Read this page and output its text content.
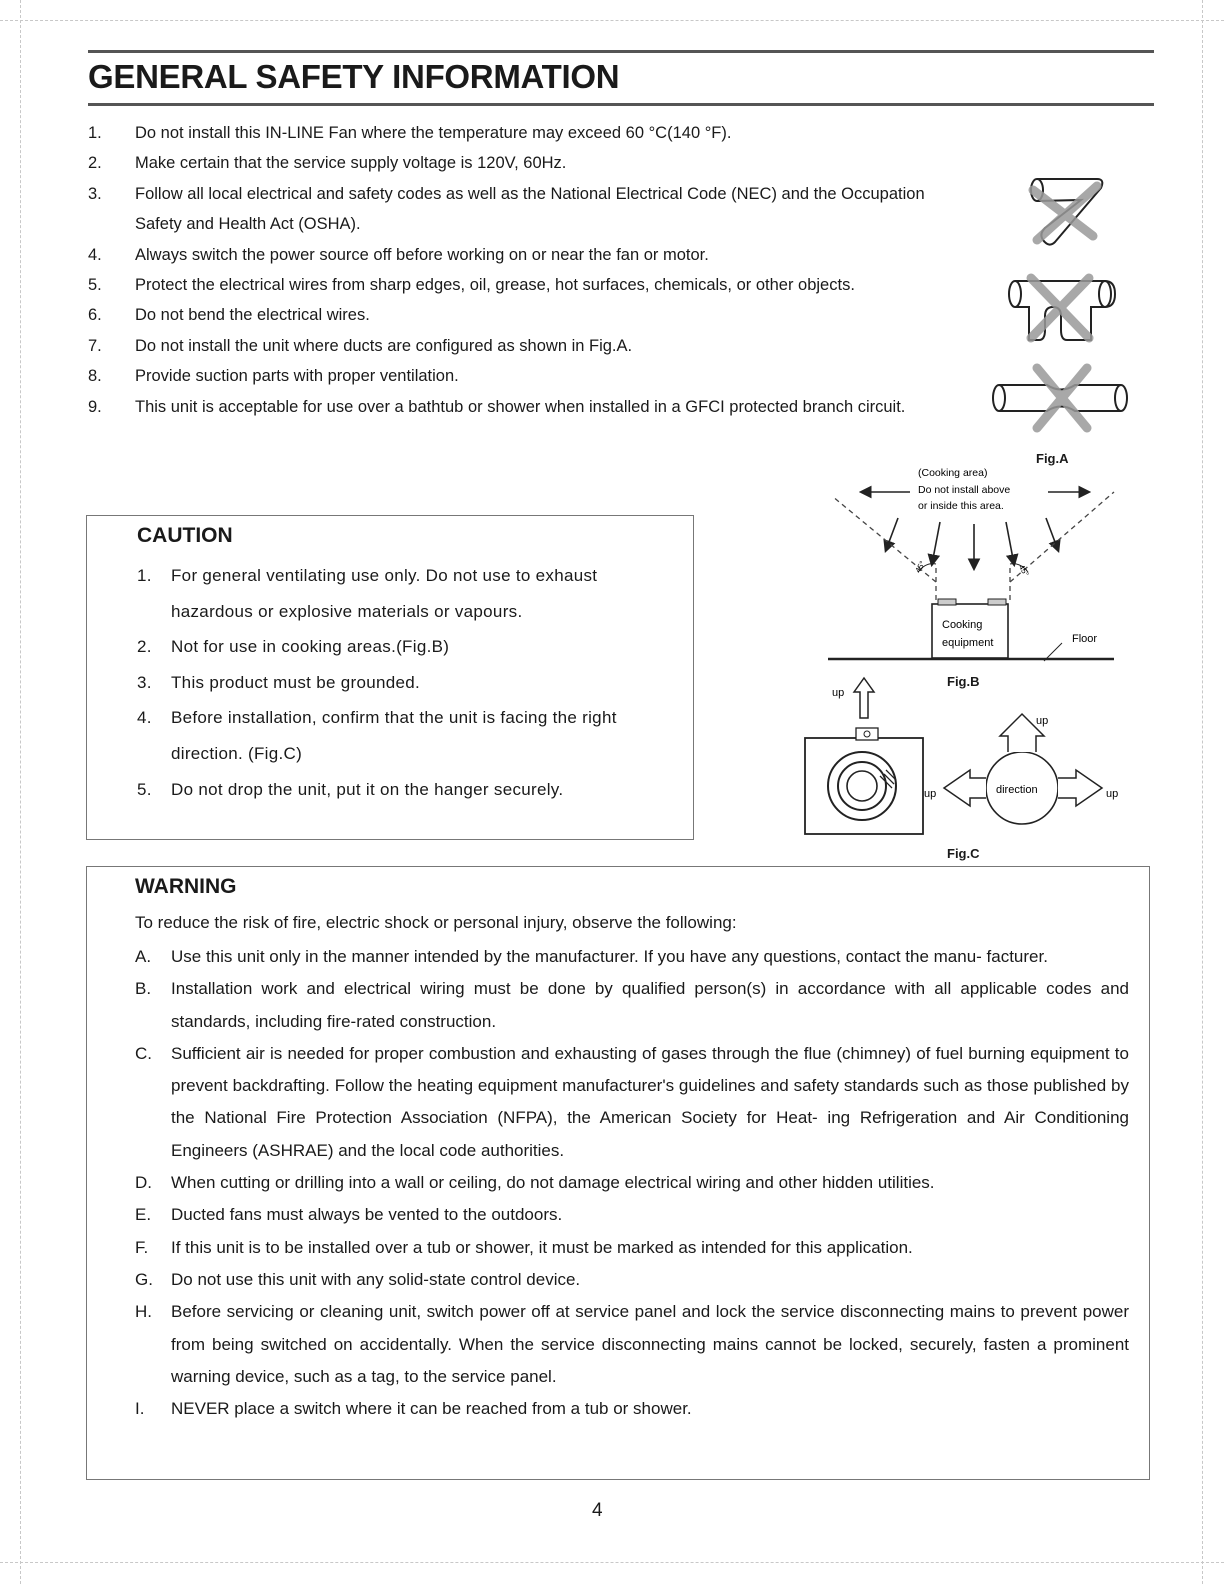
GENERAL SAFETY INFORMATION
1.	Do not install this IN-LINE Fan where the temperature may exceed 60 °C(140 °F).
2.	Make certain that the service supply voltage is 120V, 60Hz.
3.	Follow all local electrical and safety codes as well as the National Electrical Code (NEC) and the Occupation Safety and Health Act (OSHA).
4.	Always switch the power source off before working on or near the fan or motor.
5.	Protect the electrical wires from sharp edges, oil, grease, hot surfaces, chemicals, or other objects.
6.	Do not bend the electrical wires.
7.	Do not install the unit where ducts are configured as shown in Fig.A.
8.	Provide suction parts with proper ventilation.
9.	This unit is acceptable for use over a bathtub or shower when installed in a GFCI protected branch circuit.
Fig.A
CAUTION
1.	For general ventilating use only. Do not use to exhaust hazardous or explosive materials or vapours.
2.	Not for use in cooking areas.(Fig.B)
3.	This product must be grounded.
4.	Before installation, confirm that the unit is facing the right direction. (Fig.C)
5.	Do not drop the unit, put it on the hanger securely.
(Cooking area)
Do not install above
or inside this area.
45°	45°
Cooking
equipment	Floor
Fig.B
up
direction
up
up	up
Fig.C
WARNING

To reduce the risk of fire, electric shock or personal injury, observe the following:

A.	Use this unit only in the manner intended by the manufacturer. If you have any questions, contact the manu- facturer.
B.	Installation work and electrical wiring must be done by qualified person(s) in accordance with all applicable codes and standards, including fire-rated construction.
C.	Sufficient air is needed for proper combustion and exhausting of gases through the flue (chimney) of fuel burning equipment to prevent backdrafting. Follow the heating equipment manufacturer's guidelines and safety standards such as those published by the National Fire Protection Association (NFPA), the American Society for Heat- ing Refrigeration and Air Conditioning Engineers (ASHRAE) and the local code authorities.
D.	When cutting or drilling into a wall or ceiling, do not damage electrical wiring and other hidden utilities.
E.	Ducted fans must always be vented to the outdoors.
F.	If this unit is to be installed over a tub or shower, it must be marked as intended for this application.
G.	Do not use this unit with any solid-state control device.
H.	Before servicing or cleaning unit, switch power off at service panel and lock the service disconnecting mains to prevent power from being switched on accidentally. When the service disconnecting mains cannot be locked, securely, fasten a prominent warning device, such as a tag, to the service panel.
I.	NEVER place a switch where it can be reached from a tub or shower.
4
